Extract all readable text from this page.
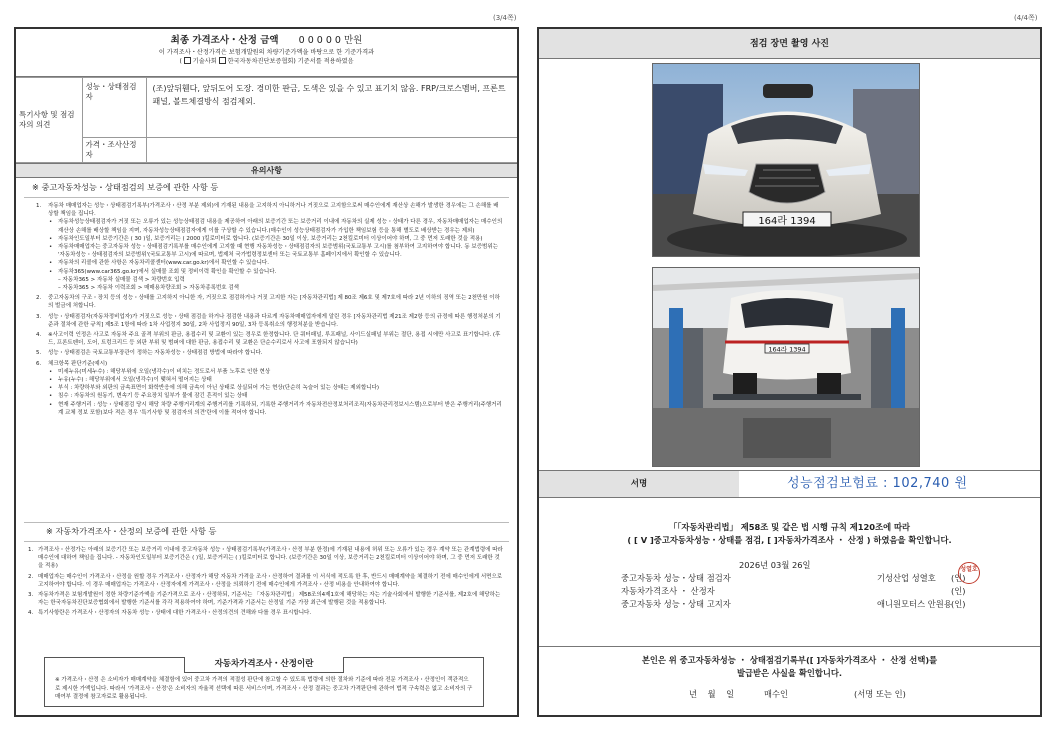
(3/4쪽)	(4/4쪽)
최종 가격조사・산정 금액 0 0 0 0 0 만원
이 가격조사・산정가격은 보험개발원의 차량기준가액을 바탕으로 한 기준가격과
( 기술사회 한국자동차진단보증협회) 기준서를 적용하였음
특기사항 및 점검자의 의견	성능・상태점검자	(조)앞뒤휀다, 앞뒤도어 도장. 경미한 판금, 도색은 있을 수 있고 표기치 않음. FRP/크로스멤버, 프론트 패널, 볼트체결방식 점검제외.
	가격・조사산정자	
유의사항
※ 중고자동차성능・상태점검의 보증에 관한 사항 등
1. 자동차 매매업자는 성능・상태점검기록부(가격조사・산정 부분 제외)에 기재된 내용을 고지하지 아니하거나 거짓으로 고지함으로써 매수인에게 재산상 손해가 발생한 경우에는 그 손해를 배상할 책임을 집니다.
• 자동차성능상태점검자가 거짓 또는 오류가 있는 성능상태점검 내용을 제공하여 아래의 보증기간 또는 보증거리 이내에 자동차의 실제 성능・상태가 다른 경우, 자동차매매업자는 매수인의 재산상 손해를 배상할 책임을 지며, 자동차성능상태점검자에게 이를 구상할 수 있습니다.(매수인이 성능상태점검자가 가입한 책임보험 등을 통해 별도로 배상받는 경우는 제외)
• 자동차인도일부터 보증기간은 ( 30 )일, 보증거리는 ( 2000 )킬로미터로 합니다. (보증기간은 30일 이상, 보증거리는 2천킬로미터 이상이어야 하며, 그 중 먼저 도래한 것을 적용)
• 자동차매매업자는 중고자동차 성능・상태점검기록부를 매수인에게 고지할 때 현행 자동차성능・상태점검자의 보증범위(국토교통부 고시)를 첨부하여 고지하여야 합니다. 동 보증범위는 '자동차성능・상태점검자의 보증범위'(국토교통부 고시)에 따르며, 법제처 국가법령정보센터 또는 국토교통부 홈페이지에서 확인할 수 있습니다.
• 자동차의 리콜에 관한 사항은 자동차리콜센터(www.car.go.kr)에서 확인할 수 있습니다.
• 자동차365(www.car365.go.kr)에서 실매물 조회 및 정비이력 확인을 확인할 수 있습니다.
– 자동차365 > 자동차 실매물 검색 > 차량번호 입력
– 자동차365 > 자동차 이력조회 > 매매용차량조회 > 자동차종록번호 검색
2. 중고자동차의 구조・장치 등의 성능・상태를 고지하지 아니한 자, 거짓으로 점검하거나 거짓 고지한 자는 [자동차관리법] 제 80조 제6호 및 제7호에 따라 2년 이하의 징역 또는 2천만원 이하의 벌금에 처합니다.
3. 성능・상태점검자(자동차정비업자)가 거짓으로 성능・상태 점검을 하거나 점검한 내용과 다르게 자동차매매업자에게 알린 경우 [자동차관리법 제21조 제2항 등의 규정에 따른 행정처분의 기준과 절차에 관한 규칙] 제5조 1항에 따라 1차 사업정지 30일, 2차 사업정지 90일, 3차 등록취소의 행정처분을 받습니다.
4. ※사고이력 인정은 사고로 자동차 주요 골격 부위의 판금, 용접수리 및 교환이 있는 경우로 한정합니다. 단 쿼터패널, 루프패널, 사이드실패널 부위는 절단, 용접 시에만 사고로 표기합니다. (후드, 프론트펜더, 도어, 트렁크리드 등 외판 부위 및 범퍼에 대한 판금, 용접수리 및 교환은 단순수리로서 사고에 포함되지 않습니다)
5. 성능・상태점검은 국토교통부장관이 정하는 자동차성능・상태점검 방법에 따라야 합니다.
6. 체크항목 판단기준(예시)
• 미세누유(미세누수) : 해당부위에 오일(냉각수)이 비치는 정도로서 부품 노후로 인한 현상
• 누유(누수) : 해당부위에서 오일(냉각수)이 맺혀서 떨어지는 상태
• 부식 : 차량하부와 외판의 금속표면이 화학반응에 의해 금속이 아닌 상태로 상실되어 가는 현상(단순히 녹슬어 있는 상태는 제외합니다)
• 침수 : 자동차의 원동기, 변속기 등 주요장치 일부가 물에 잠긴 흔적이 있는 상태
• 현재 주행거리 : 성능・상태점검 당시 해당 차량 주행거리계의 주행거리를 기록하되, 기록한 주행거리가 자동차전산정보처리조직(자동차관리정보시스템)으로부터 받은 주행거리(주행거리계 교체 정보 포함)보다 적은 경우 '특기사항 및 점검자의 의견'란에 이를 적어야 합니다.
※ 자동차가격조사・산정의 보증에 관한 사항 등
1. 가격조사・산정가는 아래의 보증기간 또는 보증거리 이내에 중고자동차 성능・상태점검기록부(가격조사・산정 부분 한정)에 기재된 내용에 허위 또는 오류가 있는 경우 계약 또는 관계법령에 따라 매수인에 대하여 책임을 집니다. - 자동차인도일부터 보증기간은 ( )일, 보증거리는 ( )킬로미터로 합니다. (보증기간은 30일 이상, 보증거리는 2천킬로미터 이상이어야 하며, 그 중 먼저 도래한 것을 적용)
2. 매매업자는 매수인이 가격조사・산정을 원할 경우 가격조사・산정자가 해당 자동차 가격을 조사・산정하여 결과를 이 서식에 적도록 한 후, 반드시 매매계약을 체결하기 전에 매수인에게 서면으로 고지하여야 합니다. 이 경우 매매업자는 가격조사・산정자에게 가격조사・산정을 의뢰하기 전에 매수인에게 가격조사・산정 비용을 안내하여야 합니다.
3. 자동차가격은 보험개발원이 정한 차량기준가액을 기준가격으로 조사・산정하되, 기준서는 「자동차관리법」 제58조의4제1호에 해당하는 자는 기술사회에서 발행한 기준서를, 제2호에 해당하는 자는 한국자동차진단보증협회에서 발행한 기준서를 각각 적용하여야 하며, 기준가격과 기준서는 산정일 기준 가장 최근에 발행된 것을 적용합니다.
4. 특기사항란은 가격조사・산정자의 자동차 성능・상태에 대한 가격조사・산정의견의 견해와 다를 경우 표시합니다.
자동차가격조사・산정이란
※ 가격조사・산정 은 소비자가 매매계약을 체결함에 있어 중고차 가격의 적절성 판단에 참고할 수 있도록 법령에 의한 절차와 기준에 따라 전문 가격조사・산정인이 객관적으로 제시한 가액입니다. 따라서 '가격조사・산정'은 소비자의 자율적 선택에 따른 서비스이며, 가격조사・산정 결과는 중고차 가격판단에 관하여 법적 구속력은 없고 소비자의 구매여부 결정에 참고자료로 활용됩니다.
점검 장면 촬영 사진
164라 1394
164라 1394
서명	성능점검보험료 : 102,740 원
「「자동차관리법」 제58조 및 같은 법 시행 규칙 제120조에 따라
( [ V ]중고자동차성능・상태를 점검, [ ]자동차가격조사 ・ 산정 ) 하였음을 확인합니다.
2026년 03월 26일
중고자동차 성능・상태 점검자	기성산업 성열호 (인)
자동차가격조사 ・ 산정자	(인)
중고자동차 성능・상태 고지자	애니원모터스 안원용 (인)
성열호
본인은 위 중고자동차성능 ・ 상태점검기록부([ ]자동차가격조사 ・ 산정 선택)를
발급받은 사실을 확인합니다.
년    월    일	매수인	(서명 또는 인)
